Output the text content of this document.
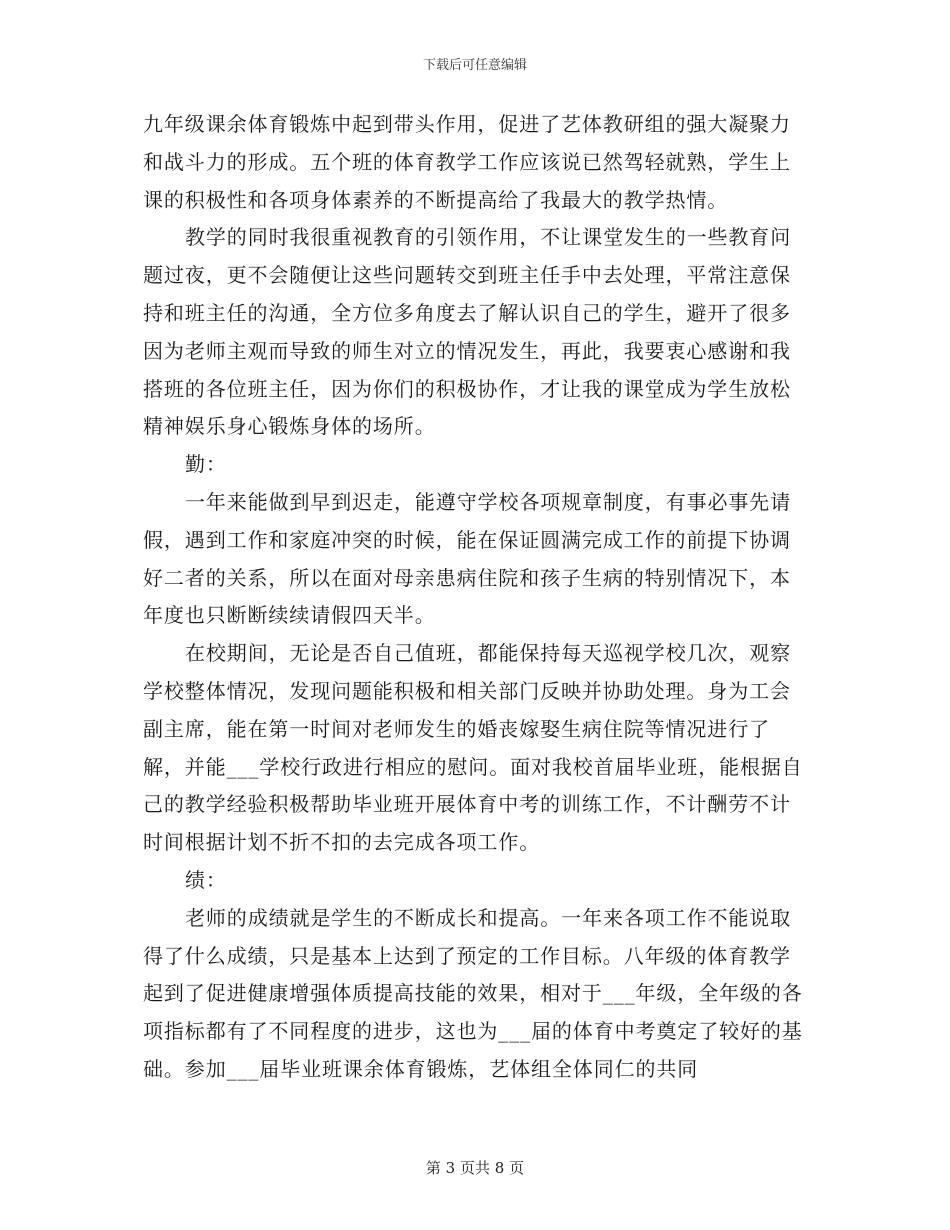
下载后可任意编辑

九年级课余体育锻炼中起到带头作用，促进了艺体教研组的强大凝聚力和战斗力的形成。五个班的体育教学工作应该说已然驾轻就熟，学生上课的积极性和各项身体素养的不断提高给了我最大的教学热情。

教学的同时我很重视教育的引领作用，不让课堂发生的一些教育问题过夜，更不会随便让这些问题转交到班主任手中去处理，平常注意保持和班主任的沟通，全方位多角度去了解认识自己的学生，避开了很多因为老师主观而导致的师生对立的情况发生，再此，我要衷心感谢和我搭班的各位班主任，因为你们的积极协作，才让我的课堂成为学生放松精神娱乐身心锻炼身体的场所。

勤：

一年来能做到早到迟走，能遵守学校各项规章制度，有事必事先请假，遇到工作和家庭冲突的时候，能在保证圆满完成工作的前提下协调好二者的关系，所以在面对母亲患病住院和孩子生病的特别情况下，本年度也只断断续续请假四天半。

在校期间，无论是否自己值班，都能保持每天巡视学校几次，观察学校整体情况，发现问题能积极和相关部门反映并协助处理。身为工会副主席，能在第一时间对老师发生的婚丧嫁娶生病住院等情况进行了解，并能___学校行政进行相应的慰问。面对我校首届毕业班，能根据自己的教学经验积极帮助毕业班开展体育中考的训练工作，不计酬劳不计时间根据计划不折不扣的去完成各项工作。

绩：

老师的成绩就是学生的不断成长和提高。一年来各项工作不能说取得了什么成绩，只是基本上达到了预定的工作目标。八年级的体育教学起到了促进健康增强体质提高技能的效果，相对于___年级，全年级的各项指标都有了不同程度的进步，这也为___届的体育中考奠定了较好的基础。参加___届毕业班课余体育锻炼，艺体组全体同仁的共同

第 3 页共 8 页
